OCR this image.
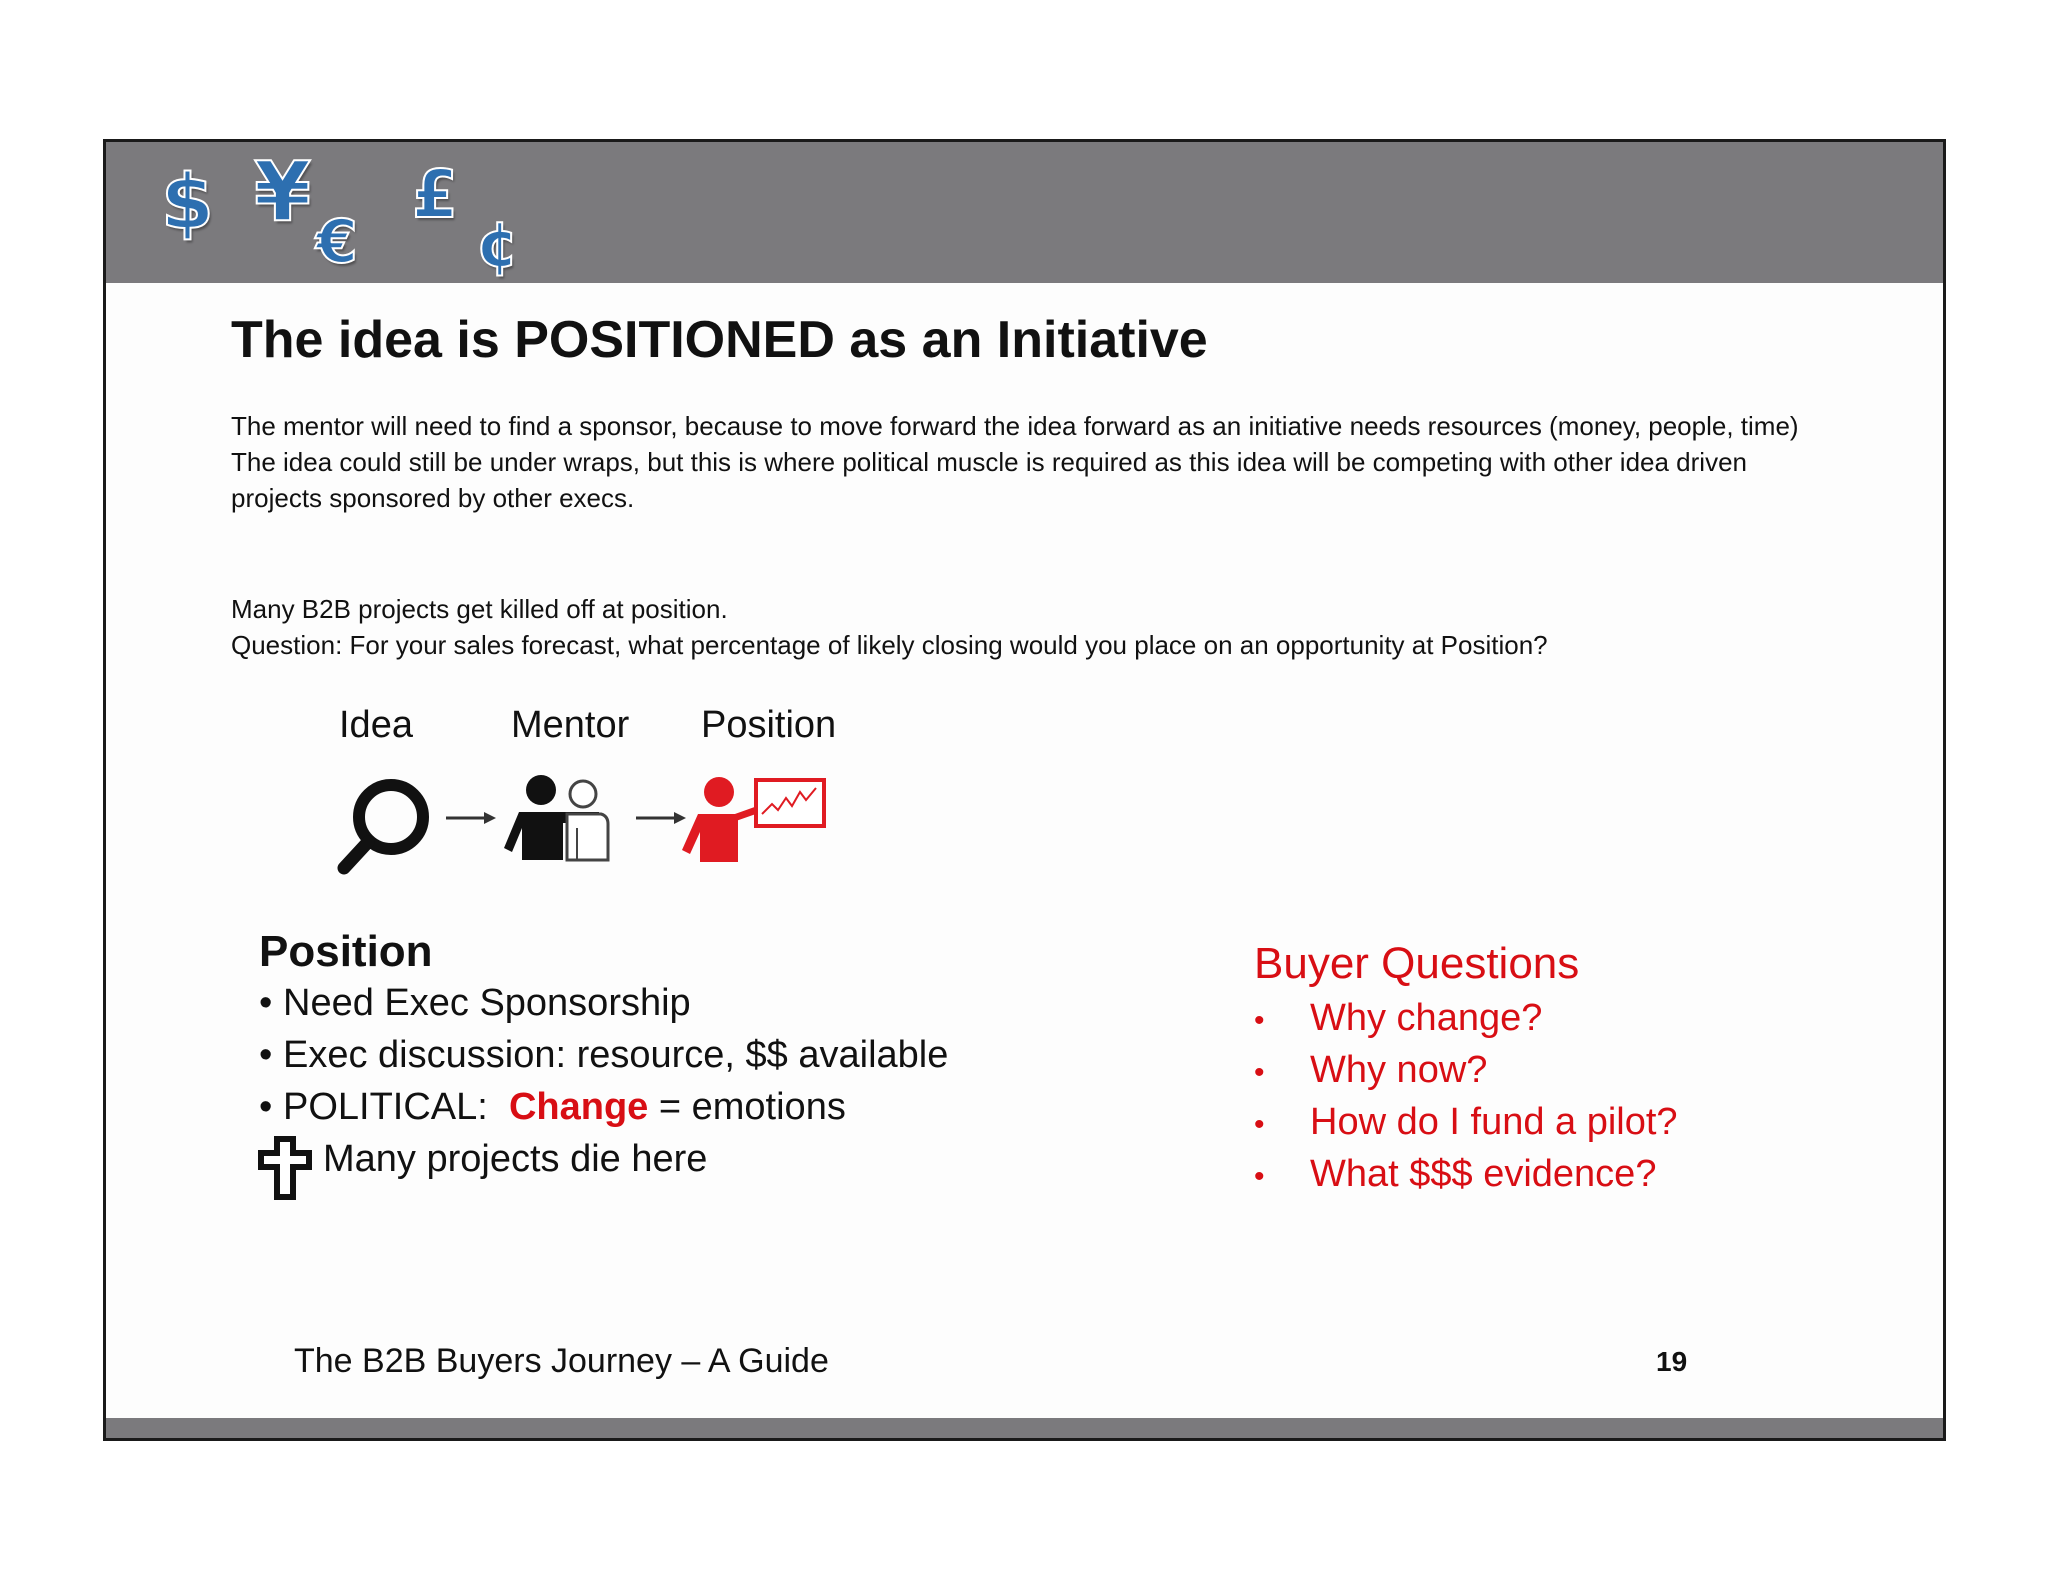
$ ¥
€
£
¢
The idea is POSITIONED as an Initiative

The mentor will need to find a sponsor, because to move forward the idea forward as an initiative needs resources (money, people, time)

The idea could still be under wraps, but this is where political muscle is required as this idea will be competing with other idea driven projects sponsored by other execs.

Many B2B projects get killed off at position.

Question: For your sales forecast, what percentage of likely closing would you place on an opportunity at Position?

Idea	Mentor Position
Position
• Need Exec Sponsorship
• Exec discussion: resource, $$ available
• POLITICAL: Change = emotions
Many projects die here
Buyer Questions
• Why change?
• Why now?
• How do I fund a pilot?
• What $$$ evidence?
The B2B Buyers Journey – A Guide	19
